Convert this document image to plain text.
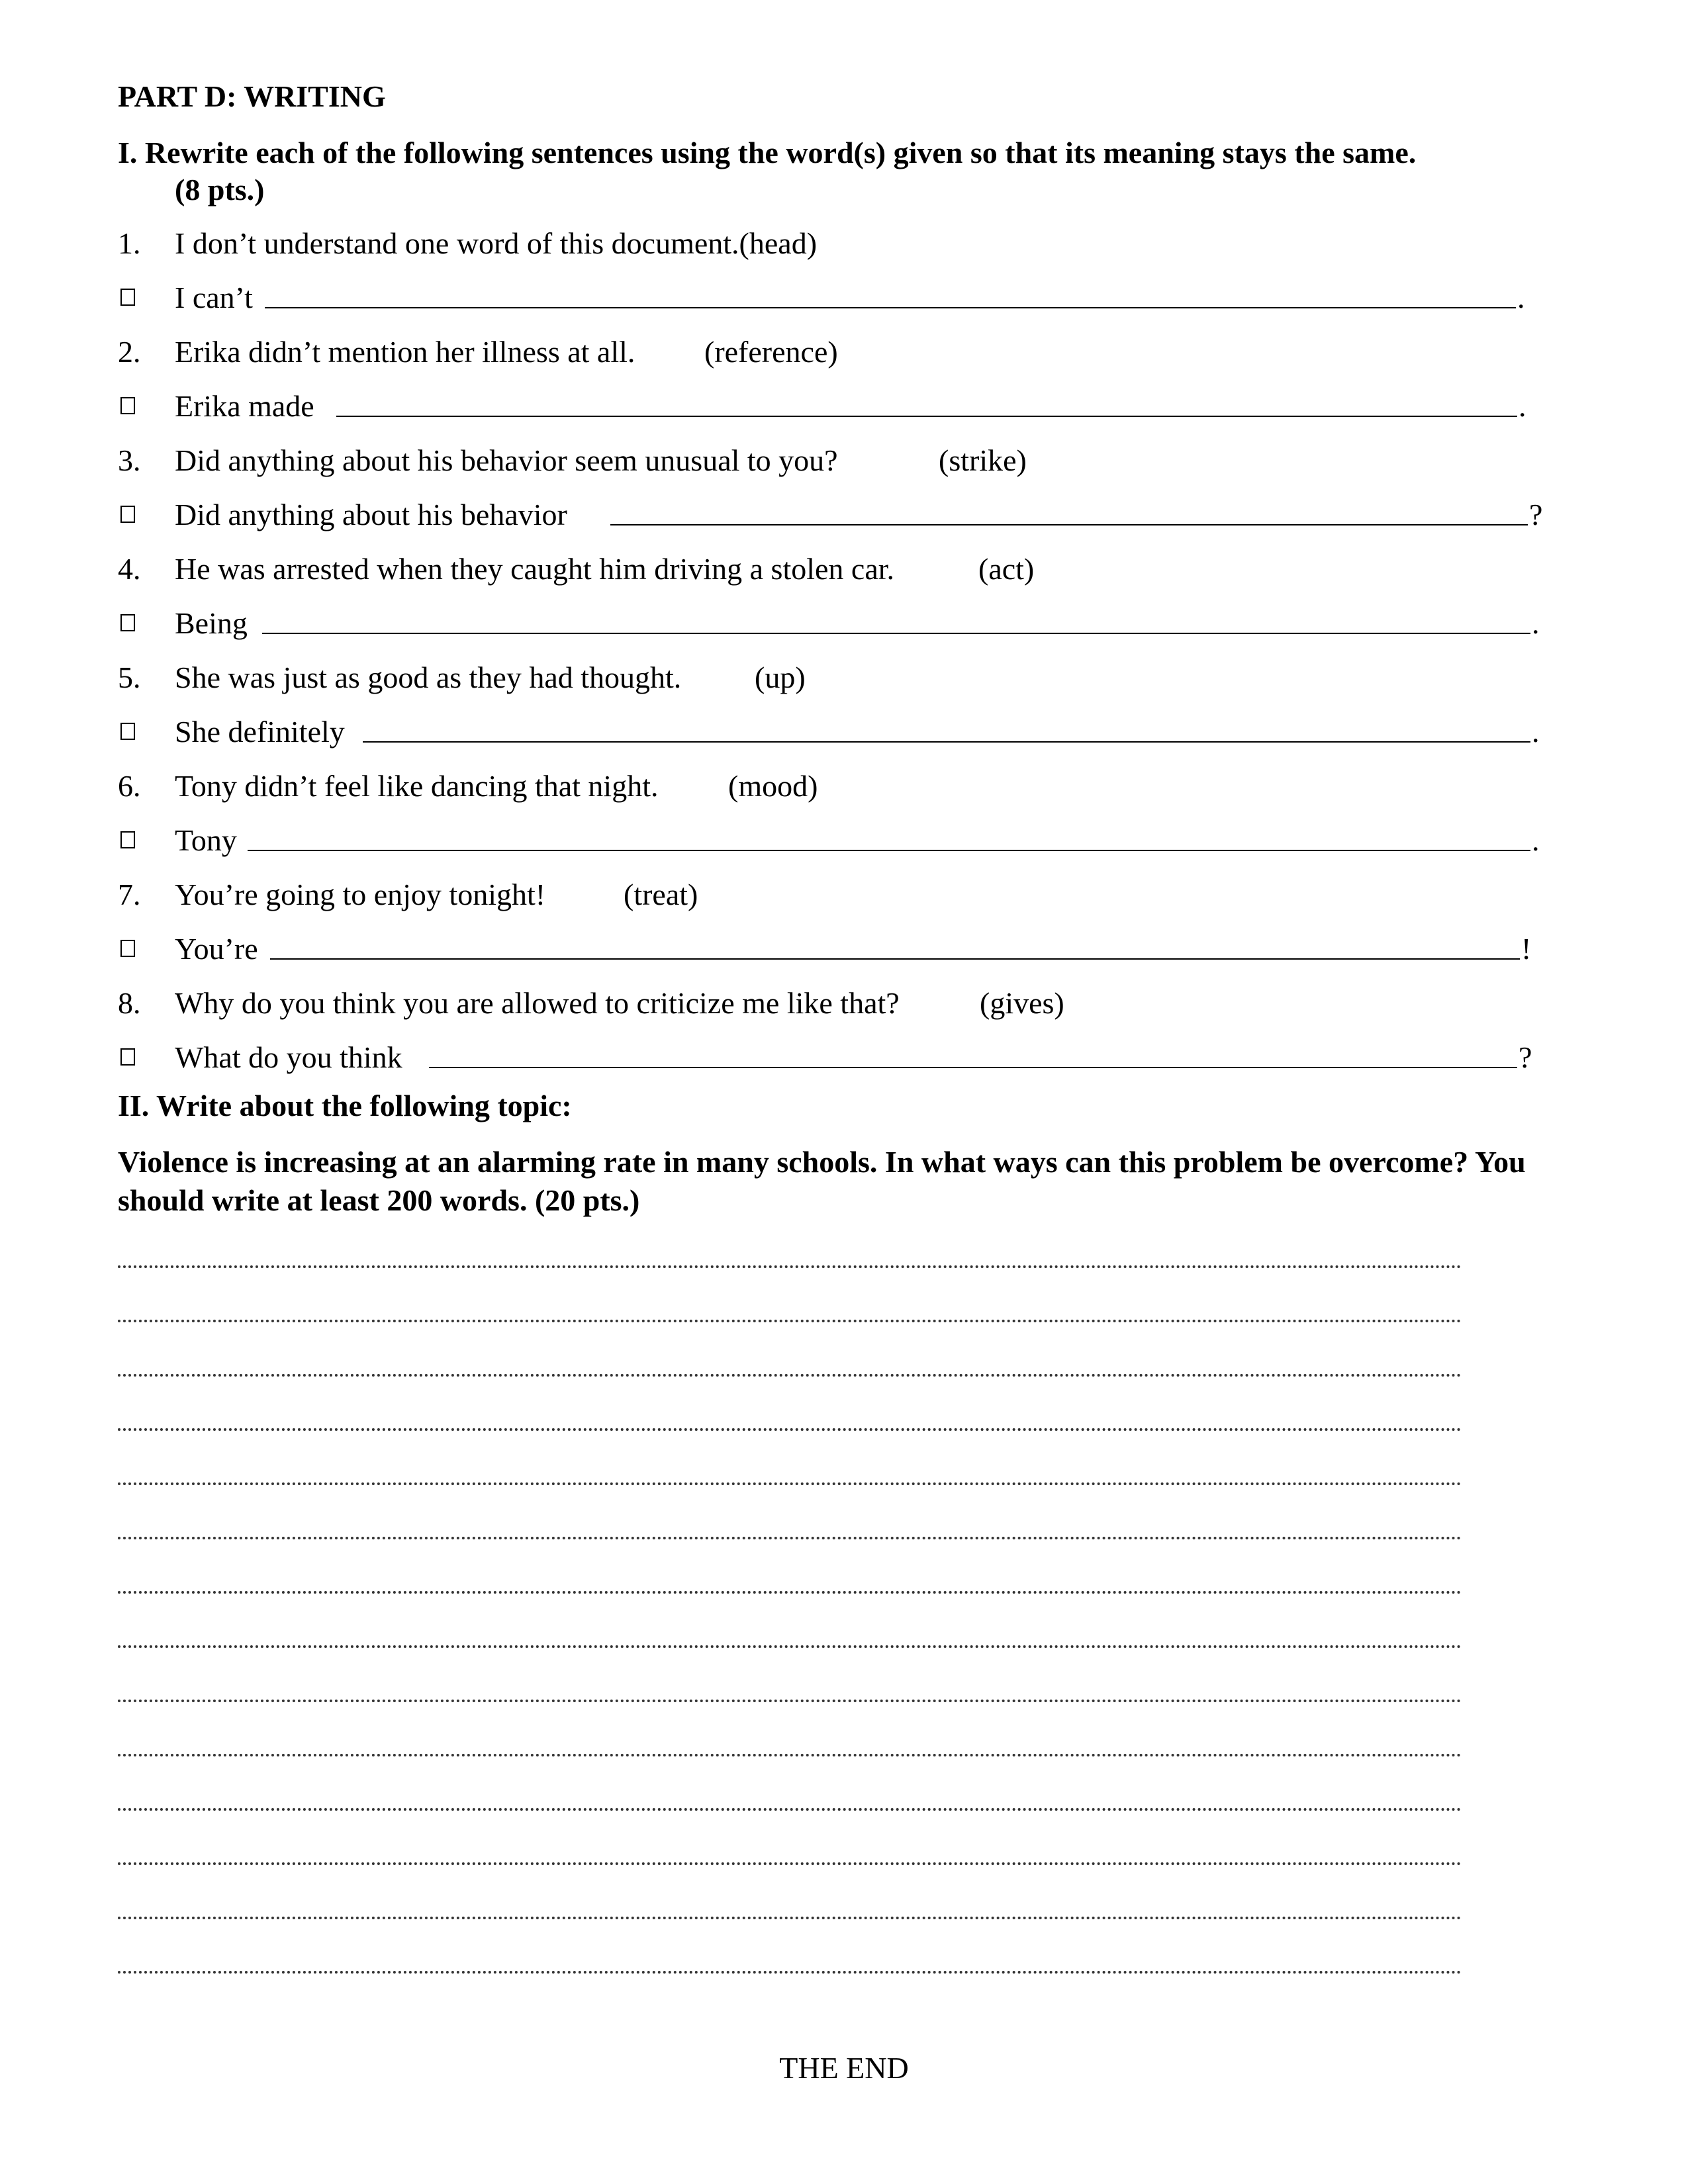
PART D: WRITING
I. Rewrite each of the following sentences using the word(s) given so that its meaning stays the same.
(8 pts.)
1. I don’t understand one word of this document.(head)
I can’t	.
2. Erika didn’t mention her illness at all. (reference)
Erika made	.
3. Did anything about his behavior seem unusual to you?	(strike)
Did anything about his behavior	?
4. He was arrested when they caught him driving a stolen car.	(act)
Being	.
5. She was just as good as they had thought. (up)
She definitely	.
6. Tony didn’t feel like dancing that night. (mood)
Tony	.
7. You’re going to enjoy tonight!	(treat)
You’re	!
8. Why do you think you are allowed to criticize me like that?	(gives)
What do you think	?
II. Write about the following topic:
Violence is increasing at an alarming rate in many schools. In what ways can this problem be overcome? You should write at least 200 words. (20 pts.)
THE END
